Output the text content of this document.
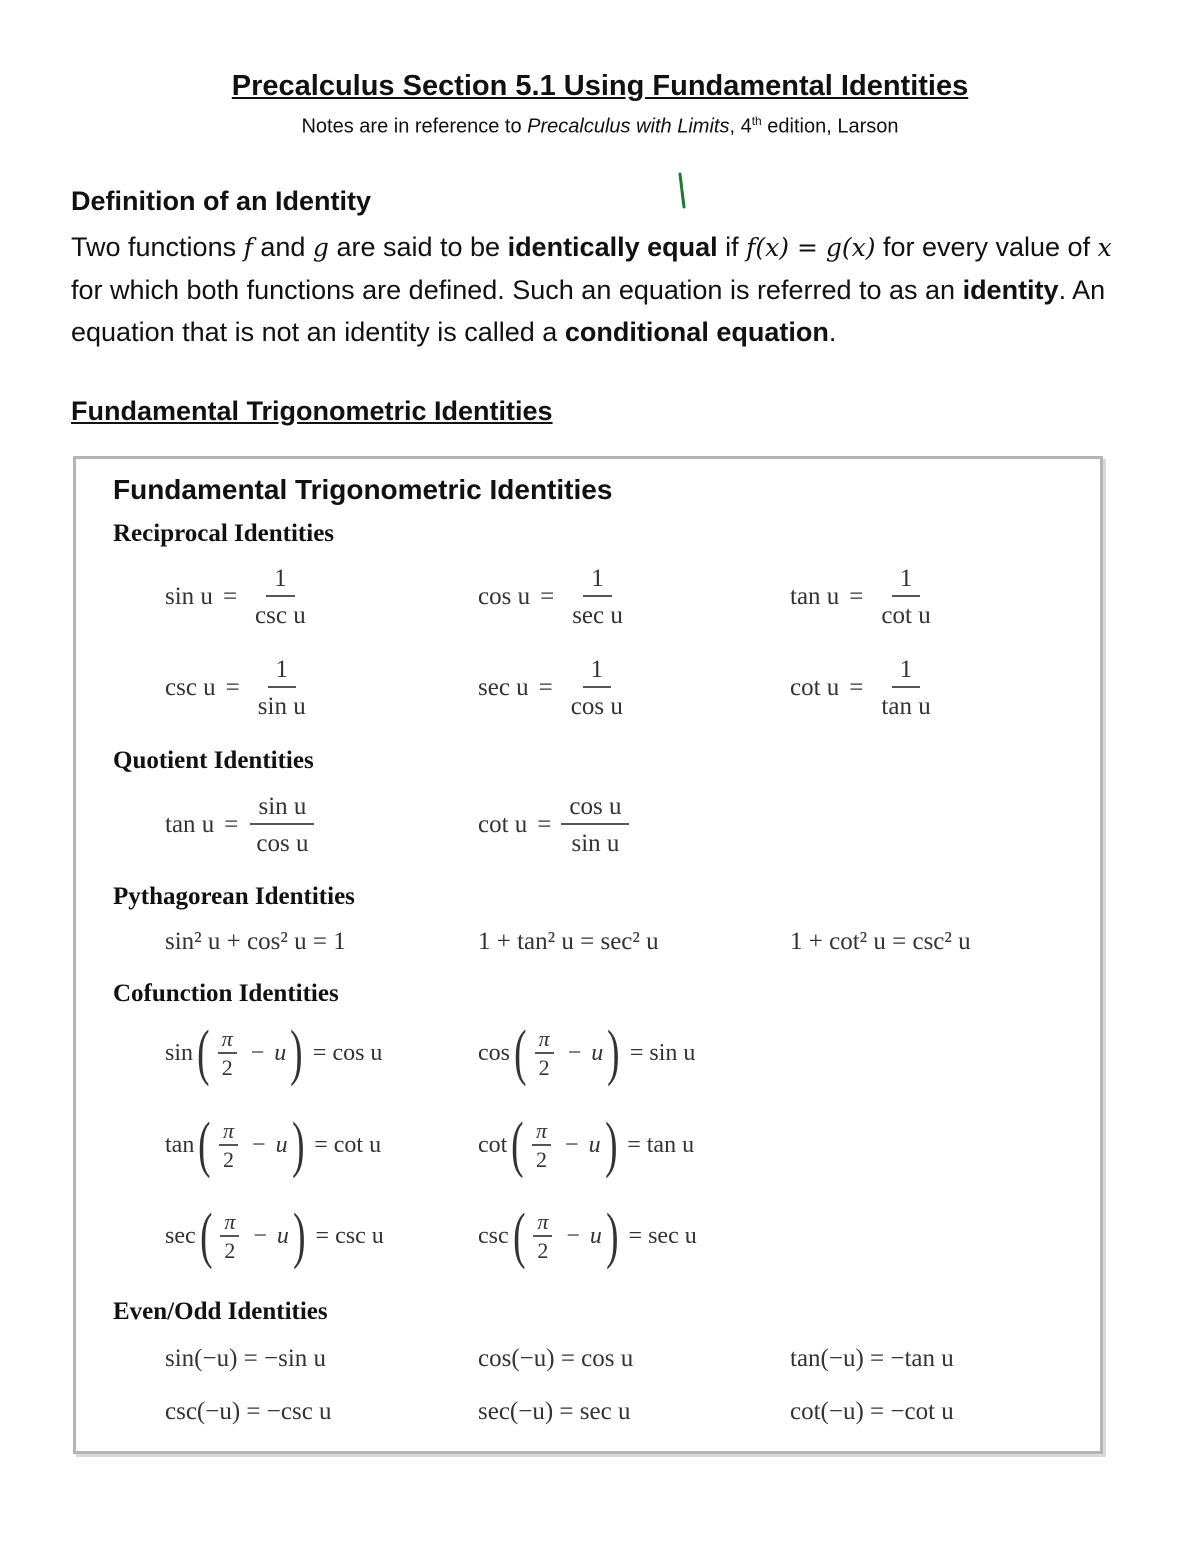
Precalculus Section 5.1 Using Fundamental Identities
Notes are in reference to Precalculus with Limits, 4th edition, Larson
Definition of an Identity
Two functions f and g are said to be identically equal if f(x) = g(x) for every value of x for which both functions are defined. Such an equation is referred to as an identity. An equation that is not an identity is called a conditional equation.
Fundamental Trigonometric Identities
Fundamental Trigonometric Identities
Reciprocal Identities
$\sin u = \frac{1}{\text{csc u}}$	$\cos u = \frac{1}{\text{sec u}}$	$\tan u = \frac{1}{\text{cot u}}$
$\csc u = \frac{1}{\text{sin u}}$	$\sec u = \frac{1}{\text{cos u}}$	$\cot u = \frac{1}{\text{tan u}}$
Quotient Identities
$\tan u = \frac{\text{sin u}}{\text{cos u}}$	$\cot u = \frac{\text{cos u}}{\text{sin u}}$
Pythagorean Identities
sin² u + cos² u = 1	1 + tan² u = sec² u	1 + cot² u = csc² u
Cofunction Identities
sin ( $\frac{\pi}{2} - u$ ) = cos u	cos ( $\frac{\pi}{2} - u$ ) = sin u
tan ( $\frac{\pi}{2} - u$ ) = cot u	cot ( $\frac{\pi}{2} - u$ ) = tan u
sec ( $\frac{\pi}{2} - u$ ) = csc u	csc ( $\frac{\pi}{2} - u$ ) = sec u
Even/Odd Identities
sin(−u) = −sin u	cos(−u) = cos u	tan(−u) = −tan u
csc(−u) = −csc u	sec(−u) = sec u	cot(−u) = −cot u
